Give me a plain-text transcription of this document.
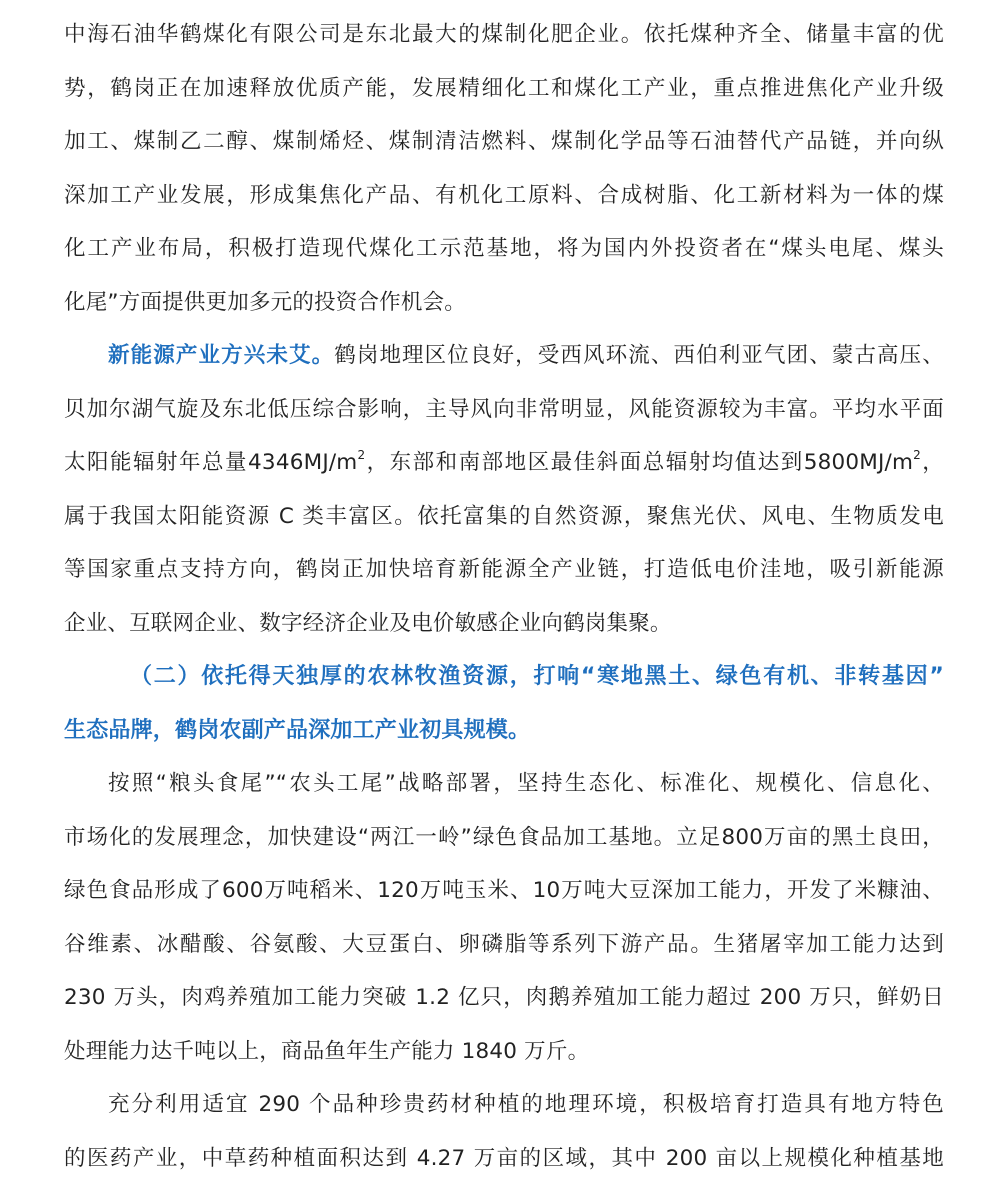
中海石油华鹤煤化有限公司是东北最大的煤制化肥企业。依托煤种齐全、储量丰富的优
势，鹤岗正在加速释放优质产能，发展精细化工和煤化工产业，重点推进焦化产业升级
加工、煤制乙二醇、煤制烯烃、煤制清洁燃料、煤制化学品等石油替代产品链，并向纵
深加工产业发展，形成集焦化产品、有机化工原料、合成树脂、化工新材料为一体的煤
化工产业布局，积极打造现代煤化工示范基地，将为国内外投资者在“煤头电尾、煤头
化尾”方面提供更加多元的投资合作机会。
新能源产业方兴未艾。鹤岗地理区位良好，受西风环流、西伯利亚气团、蒙古高压、
贝加尔湖气旋及东北低压综合影响，主导风向非常明显，风能资源较为丰富。平均水平面
太阳能辐射年总量$4346MJ/m^2$，东部和南部地区最佳斜面总辐射均值达到$5800MJ/m^2$，
属于我国太阳能资源 C 类丰富区。依托富集的自然资源，聚焦光伏、风电、生物质发电
等国家重点支持方向，鹤岗正加快培育新能源全产业链，打造低电价洼地，吸引新能源
企业、互联网企业、数字经济企业及电价敏感企业向鹤岗集聚。
（二）依托得天独厚的农林牧渔资源，打响“寒地黑土、绿色有机、非转基因”
生态品牌，鹤岗农副产品深加工产业初具规模。
按照“粮头食尾”“农头工尾”战略部署，坚持生态化、标准化、规模化、信息化、
市场化的发展理念，加快建设“两江一岭”绿色食品加工基地。立足800万亩的黑土良田，
绿色食品形成了600万吨稻米、120万吨玉米、10万吨大豆深加工能力，开发了米糠油、
谷维素、冰醋酸、谷氨酸、大豆蛋白、卵磷脂等系列下游产品。生猪屠宰加工能力达到
230 万头，肉鸡养殖加工能力突破 1.2 亿只，肉鹅养殖加工能力超过 200 万只，鲜奶日
处理能力达千吨以上，商品鱼年生产能力 1840 万斤。
充分利用适宜 290 个品种珍贵药材种植的地理环境，积极培育打造具有地方特色
的医药产业，中草药种植面积达到 4.27 万亩的区域，其中 200 亩以上规模化种植基地
